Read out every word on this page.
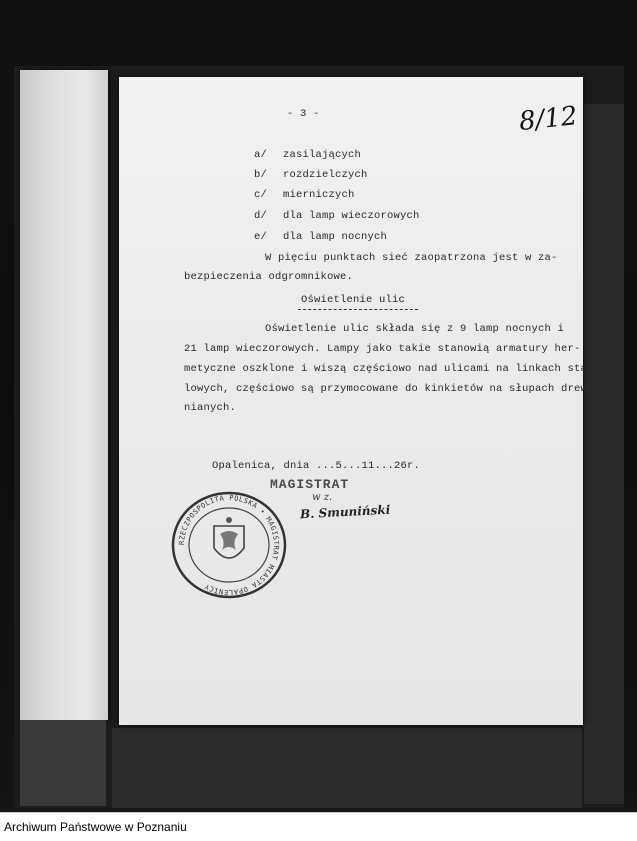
- 3 -	8/12
a/ zasilających
b/ rozdzielczych
c/ mierniczych
d/ dla lamp wieczorowych
e/ dla lamp nocnych
W pięciu punktach sieć zaopatrzona jest w za-
bezpieczenia odgromnikowe.
Oświetlenie ulic
Oświetlenie ulic składa się z 9 lamp nocnych i
21 lamp wieczorowych. Lampy jako takie stanowią armatury her-
metyczne oszklone i wiszą częściowo nad ulicami na linkach sta-
lowych, częściowo są przymocowane do kinkietów na słupach drew-
nianych.
Opalenica, dnia ...5...11...26r.
MAGISTRAT
w z.
B. Smuniński
RZECZPOSPOLITA POLSKA • MAGISTRAT MIASTA OPALENICY
Archiwum Państwowe w Poznaniu
